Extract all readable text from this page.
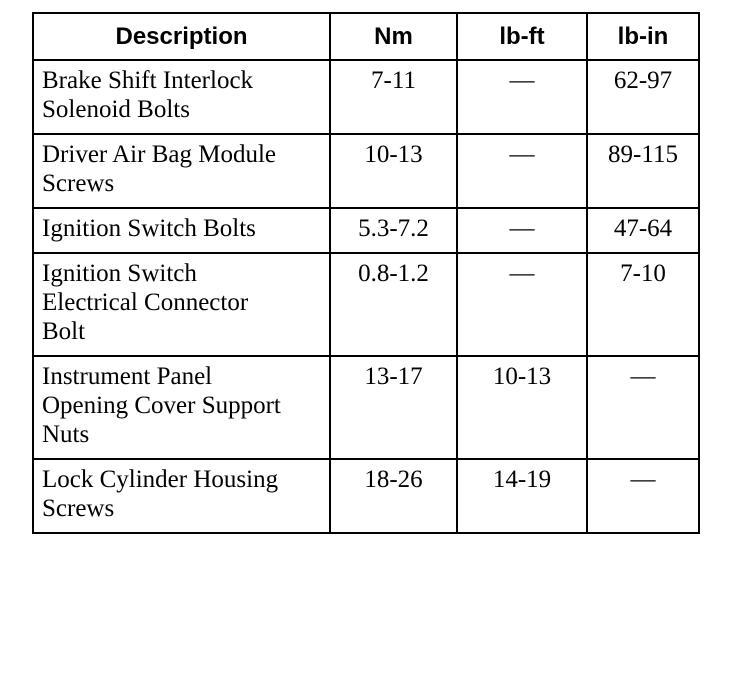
Description	Nm	lb-ft	lb-in

Brake Shift Interlock
Solenoid Bolts	7-11	—	62-97

Driver Air Bag Module
Screws	10-13	—	89-115

Ignition Switch Bolts	5.3-7.2	—	47-64

Ignition Switch
Electrical Connector
Bolt	0.8-1.2	—	7-10

Instrument Panel
Opening Cover Support
Nuts	13-17	10-13	—

Lock Cylinder Housing
Screws	18-26	14-19	—
